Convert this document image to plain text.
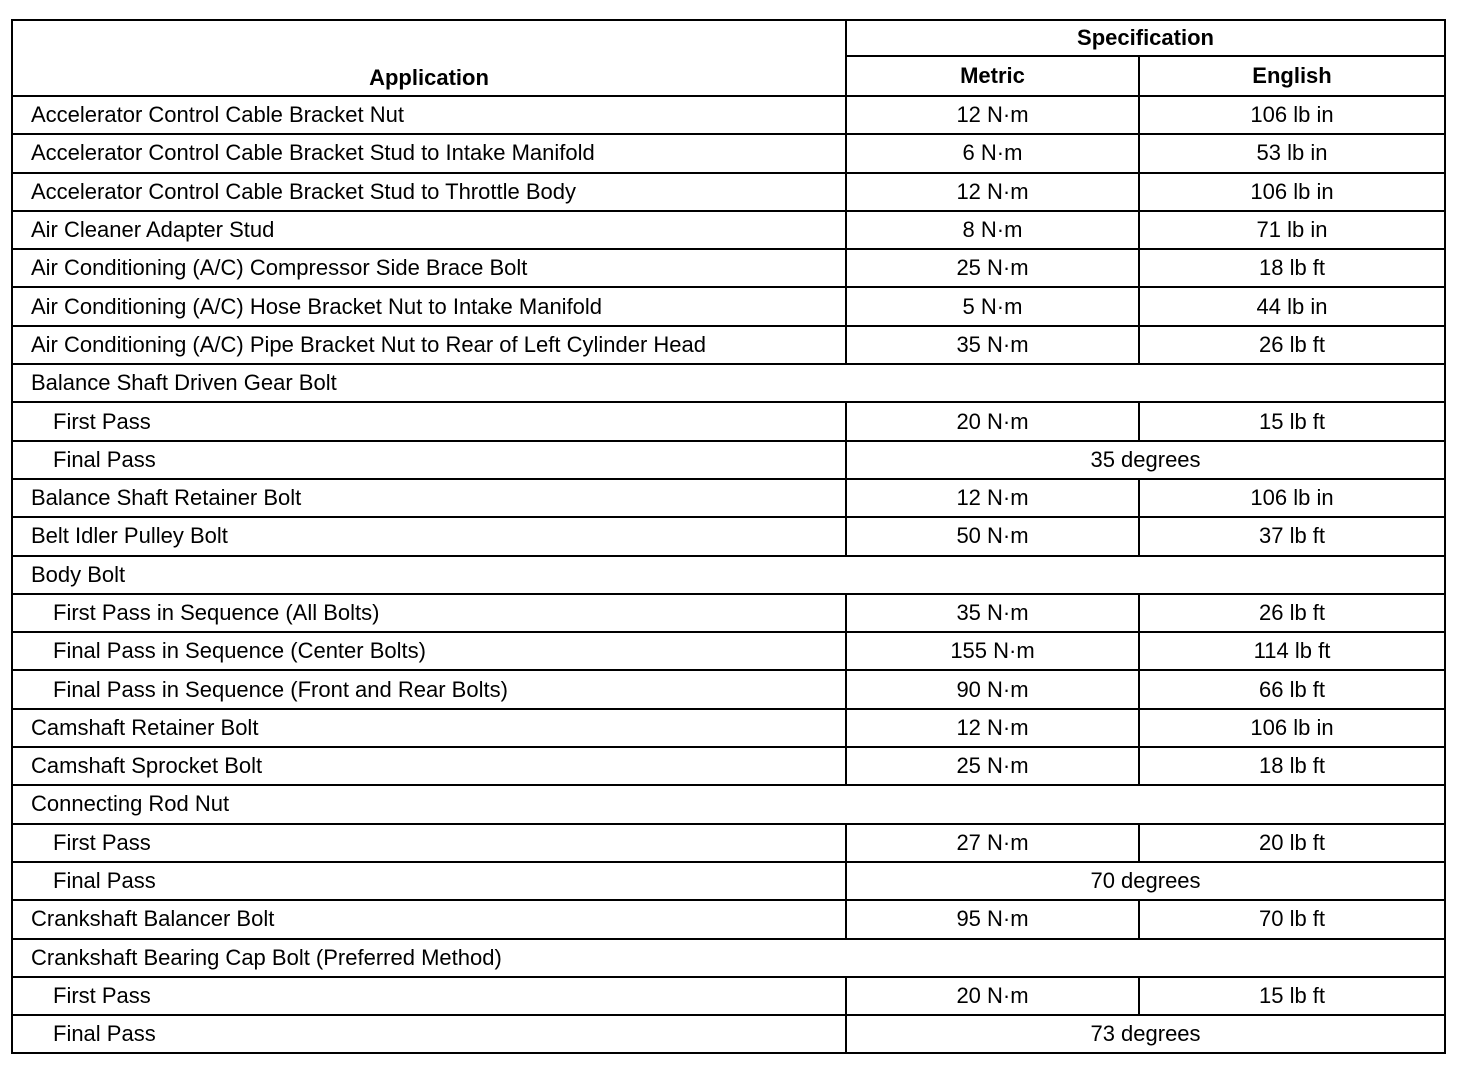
Application	Specification	
	Metric	English
Accelerator Control Cable Bracket Nut	12 N·m	106 lb in
Accelerator Control Cable Bracket Stud to Intake Manifold	6 N·m	53 lb in
Accelerator Control Cable Bracket Stud to Throttle Body	12 N·m	106 lb in
Air Cleaner Adapter Stud	8 N·m	71 lb in
Air Conditioning (A/C) Compressor Side Brace Bolt	25 N·m	18 lb ft
Air Conditioning (A/C) Hose Bracket Nut to Intake Manifold	5 N·m	44 lb in
Air Conditioning (A/C) Pipe Bracket Nut to Rear of Left Cylinder Head	35 N·m	26 lb ft
Balance Shaft Driven Gear Bolt		
First Pass	20 N·m	15 lb ft
Final Pass	35 degrees	
Balance Shaft Retainer Bolt	12 N·m	106 lb in
Belt Idler Pulley Bolt	50 N·m	37 lb ft
Body Bolt		
First Pass in Sequence (All Bolts)	35 N·m	26 lb ft
Final Pass in Sequence (Center Bolts)	155 N·m	114 lb ft
Final Pass in Sequence (Front and Rear Bolts)	90 N·m	66 lb ft
Camshaft Retainer Bolt	12 N·m	106 lb in
Camshaft Sprocket Bolt	25 N·m	18 lb ft
Connecting Rod Nut		
First Pass	27 N·m	20 lb ft
Final Pass	70 degrees	
Crankshaft Balancer Bolt	95 N·m	70 lb ft
Crankshaft Bearing Cap Bolt (Preferred Method)		
First Pass	20 N·m	15 lb ft
Final Pass	73 degrees	
